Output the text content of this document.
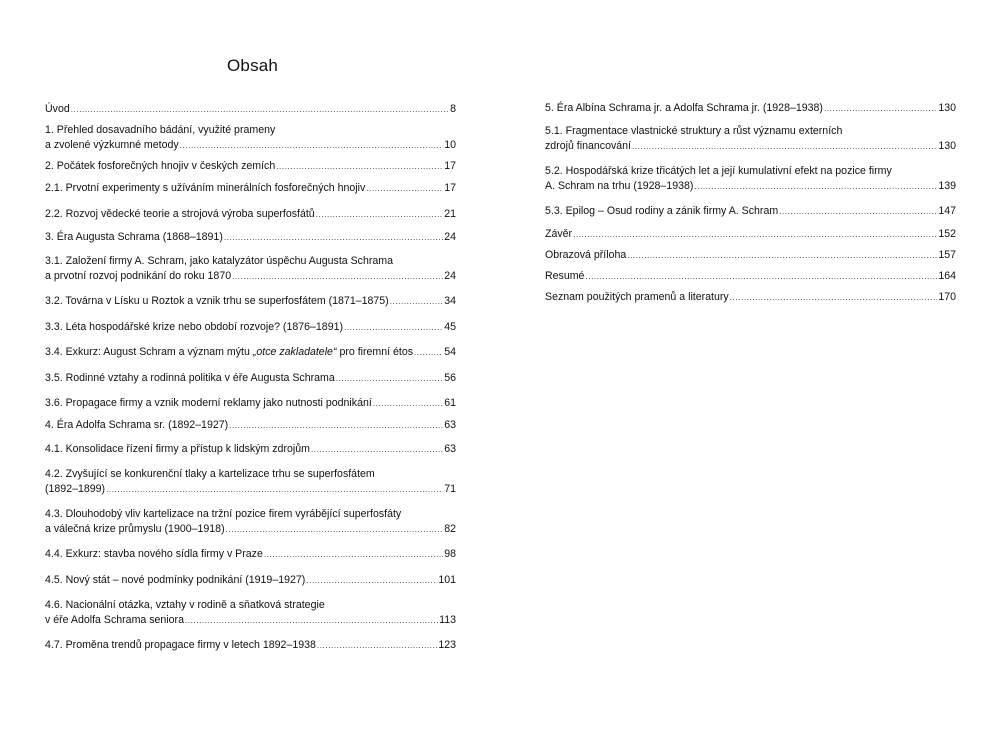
Obsah
Úvod .....	8
1. Přehled dosavadního bádání, využité prameny
a zvolené výzkumné metody .....	10
2. Počátek fosforečných hnojiv v českých zemích .....	17
2.1. Prvotní experimenty s užíváním minerálních fosforečných hnojiv .....	17
2.2. Rozvoj vědecké teorie a strojová výroba superfosfátů .....	21
3. Éra Augusta Schrama (1868–1891) .....	24
3.1. Založení firmy A. Schram, jako katalyzátor úspěchu Augusta Schrama
a prvotní rozvoj podnikání do roku 1870 .....	24
3.2. Továrna v Lísku u Roztok a vznik trhu se superfosfátem (1871–1875) .....	34
3.3. Léta hospodářské krize nebo období rozvoje? (1876–1891) .....	45
3.4. Exkurz: August Schram a význam mýtu „otce zakladatele“ pro firemní étos .....	54
3.5. Rodinné vztahy a rodinná politika v éře Augusta Schrama .....	56
3.6. Propagace firmy a vznik moderní reklamy jako nutnosti podnikání .....	61
4. Éra Adolfa Schrama sr. (1892–1927) .....	63
4.1. Konsolidace řízení firmy a přístup k lidským zdrojům .....	63
4.2. Zvyšující se konkurenční tlaky a kartelizace trhu se superfosfátem
(1892–1899) .....	71
4.3. Dlouhodobý vliv kartelizace na tržní pozice firem vyrábějící superfosfáty
a válečná krize průmyslu (1900–1918) .....	82
4.4. Exkurz: stavba nového sídla firmy v Praze .....	98
4.5. Nový stát – nové podmínky podnikání (1919–1927) .....	101
4.6. Nacionální otázka, vztahy v rodině a sňatková strategie
v éře Adolfa Schrama seniora .....	113
4.7. Proměna trendů propagace firmy v letech 1892–1938 .....	123
5. Éra Albína Schrama jr. a Adolfa Schrama jr. (1928–1938) .....	130
5.1. Fragmentace vlastnické struktury a růst významu externích
zdrojů financování .....	130
5.2. Hospodářská krize třicátých let a její kumulativní efekt na pozice firmy
A. Schram na trhu (1928–1938) .....	139
5.3. Epilog – Osud rodiny a zánik firmy A. Schram .....	147
Závěr .....	152
Obrazová příloha .....	157
Resumé .....	164
Seznam použitých pramenů a literatury .....	170
